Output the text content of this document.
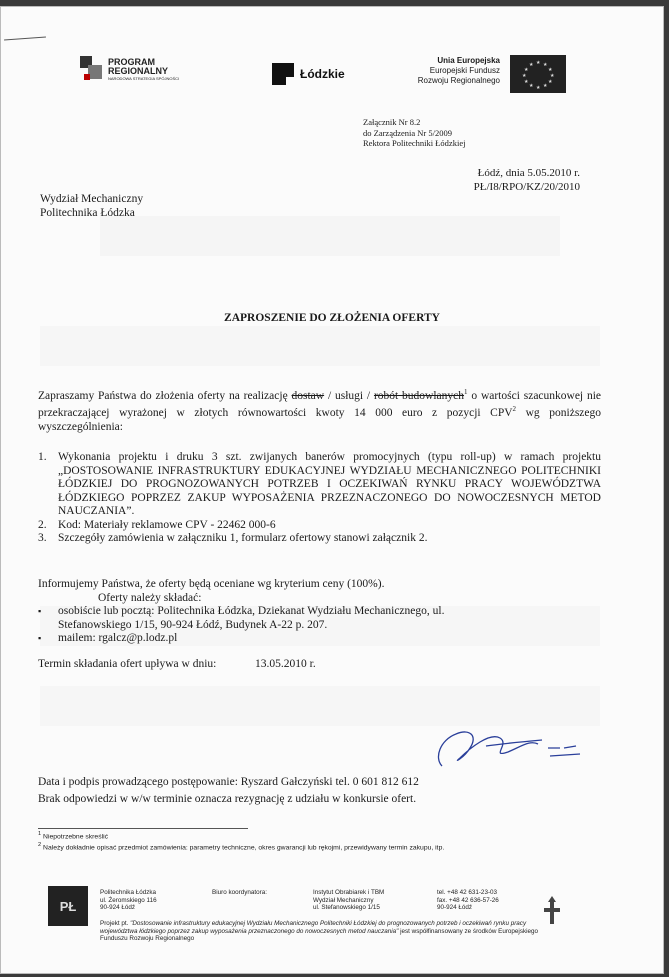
PROGRAM
REGIONALNY
NARODOWA STRATEGIA SPÓJNOŚCI	Łódzkie
Unia Europejska
Europejski Fundusz
Rozwoju Regionalnego
★ ★
★
★
★
★
★
★
★
★
★
★
Załącznik Nr 8.2
do Zarządzenia Nr 5/2009
Rektora Politechniki Łódzkiej
Łódź, dnia 5.05.2010 r.
PŁ/I8/RPO/KZ/20/2010
Wydział Mechaniczny
Politechnika Łódzka
ZAPROSZENIE DO ZŁOŻENIA OFERTY
Zapraszamy Państwa do złożenia oferty na realizację dostaw / usługi / robót budowlanych$^1$ o wartości szacunkowej nie przekraczającej wyrażonej w złotych równowartości kwoty 14 000 euro z pozycji CPV$^2$ wg poniższego wyszczególnienia:
1. Wykonania projektu i druku 3 szt. zwijanych banerów promocyjnych (typu roll-up) w ramach projektu „DOSTOSOWANIE INFRASTRUKTURY EDUKACYJNEJ WYDZIAŁU MECHANICZNEGO POLITECHNIKI ŁÓDZKIEJ DO PROGNOZOWANYCH POTRZEB I OCZEKIWAŃ RYNKU PRACY WOJEWÓDZTWA ŁÓDZKIEGO POPRZEZ ZAKUP WYPOSAŻENIA PRZEZNACZONEGO DO NOWOCZESNYCH METOD NAUCZANIA”.
2. Kod: Materiały reklamowe CPV - 22462 000-6
3. Szczegóły zamówienia w załączniku 1, formularz ofertowy stanowi załącznik 2.
Informujemy Państwa, że oferty będą oceniane wg kryterium ceny (100%).
Oferty należy składać:
▪	osobiście lub pocztą: Politechnika Łódzka, Dziekanat Wydziału Mechanicznego, ul.
Stefanowskiego 1/15, 90-924 Łódź, Budynek A-22 p. 207.
▪	mailem: rgalcz@p.lodz.pl
Termin składania ofert upływa w dniu:	13.05.2010 r.
Data i podpis prowadzącego postępowanie: Ryszard Gałczyński tel. 0 601 812 612
Brak odpowiedzi w w/w terminie oznacza rezygnację z udziału w konkursie ofert.
$^1$ Niepotrzebne skreślić
$^2$ Należy dokładnie opisać przedmiot zamówienia: parametry techniczne, okres gwarancji lub rękojmi, przewidywany termin zakupu, itp.
PŁ
Politechnika Łódzka
ul. Żeromskiego 116
90-924 Łódź
Biuro koordynatora:	Instytut Obrabiarek i TBM
Wydział Mechaniczny
ul. Stefanowskiego 1/15
tel. +48 42 631-23-03
fax. +48 42 636-57-26
90-924 Łódź
Projekt pt. "Dostosowanie infrastruktury edukacyjnej Wydziału Mechanicznego Politechniki Łódzkiej do prognozowanych potrzeb i oczekiwań rynku pracy województwa łódzkiego poprzez zakup wyposażenia przeznaczonego do nowoczesnych metod nauczania" jest współfinansowany ze środków Europejskiego Funduszu Rozwoju Regionalnego
